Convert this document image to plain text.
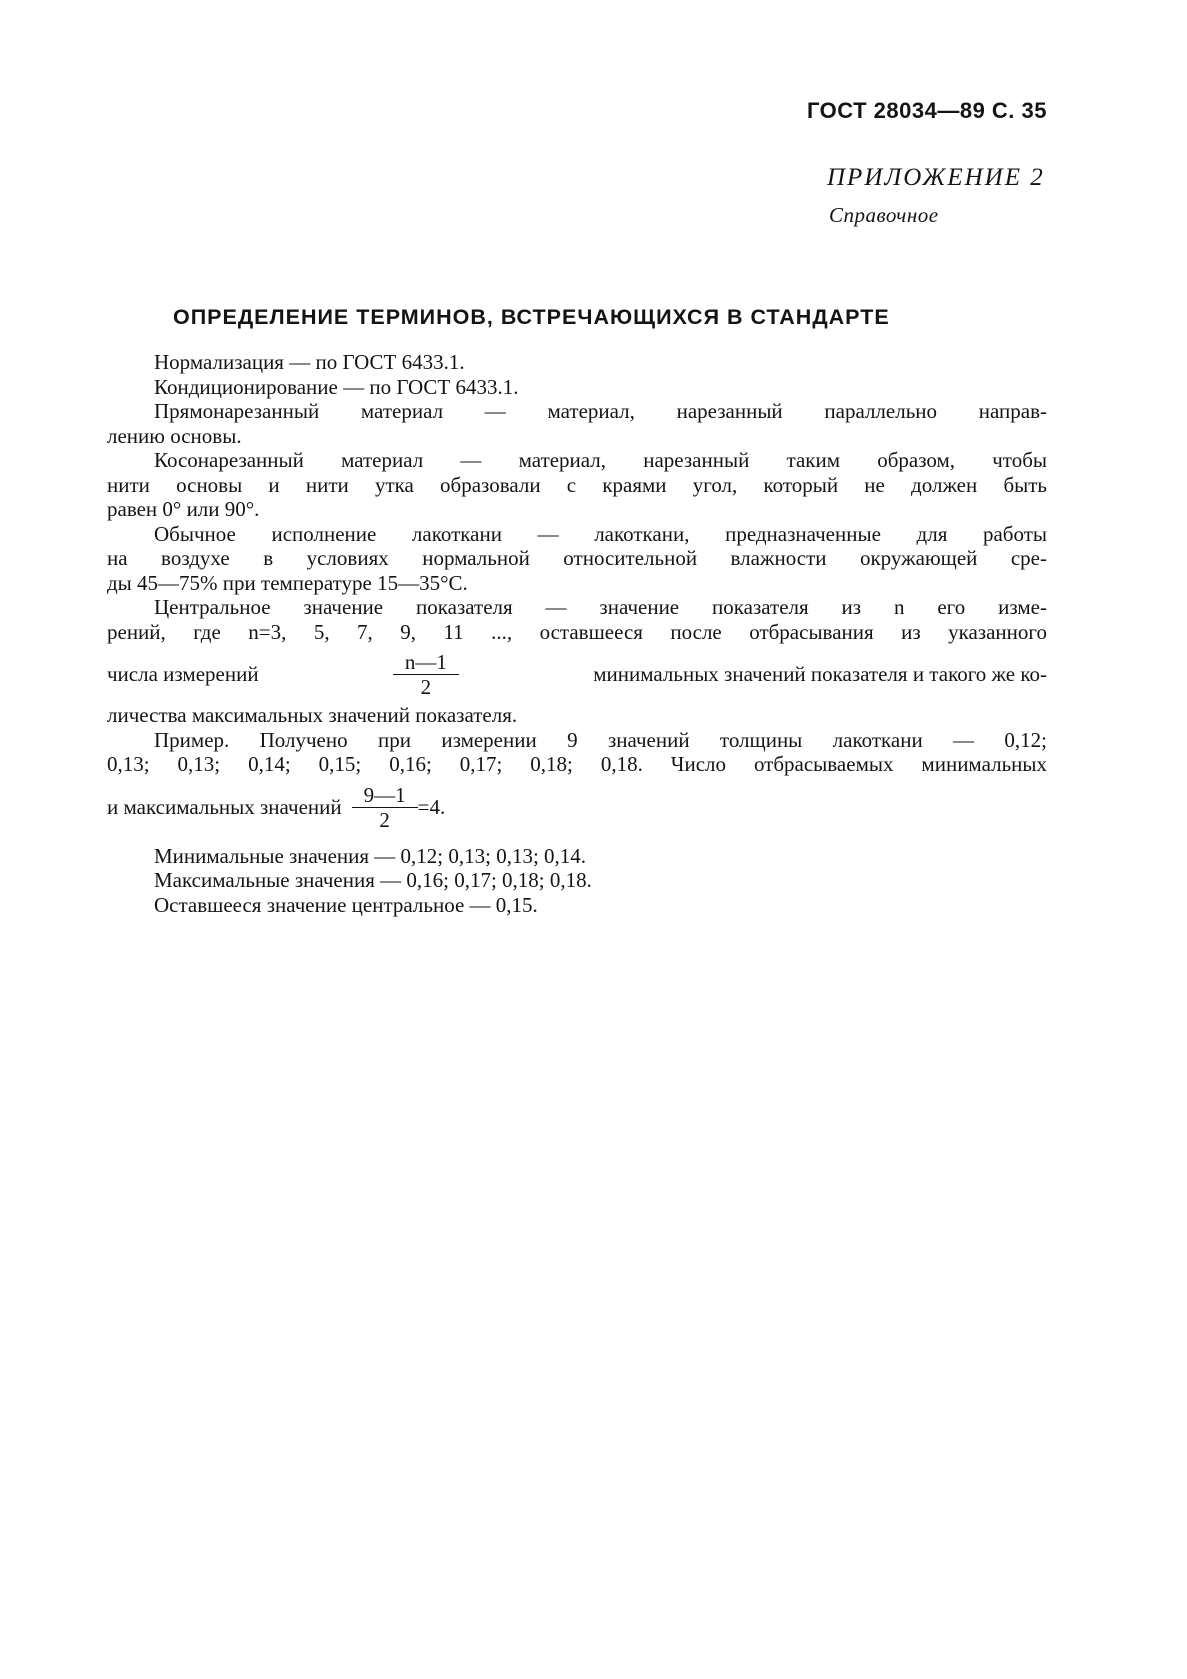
ГОСТ 28034—89 С. 35
ПРИЛОЖЕНИЕ 2
Справочное
ОПРЕДЕЛЕНИЕ ТЕРМИНОВ, ВСТРЕЧАЮЩИХСЯ В СТАНДАРТЕ

Нормализация — по ГОСТ 6433.1.

Кондиционирование — по ГОСТ 6433.1.

Прямонарезанный материал — материал, нарезанный параллельно направ-

лению основы.

Косонарезанный материал — материал, нарезанный таким образом, чтобы

нити основы и нити утка образовали с краями угол, который не должен быть

равен 0° или 90°.

Обычное исполнение лакоткани — лакоткани, предназначенные для работы

на воздухе в условиях нормальной относительной влажности окружающей сре-

ды 45—75% при температуре 15—35°С.

Центральное значение показателя — значение показателя из n его изме-

рений, где n=3, 5, 7, 9, 11 ..., оставшееся после отбрасывания из указанного

числа измерений	$\frac{n—1}{2}$	минимальных значений показателя и такого же ко-

личества максимальных значений показателя.

Пример. Получено при измерении 9 значений толщины лакоткани — 0,12;

0,13; 0,13; 0,14; 0,15; 0,16; 0,17; 0,18; 0,18. Число отбрасываемых минимальных

и максимальных значений $\frac{9—1}{2} =4$.

Минимальные значения — 0,12; 0,13; 0,13; 0,14.

Максимальные значения — 0,16; 0,17; 0,18; 0,18.

Оставшееся значение центральное — 0,15.
